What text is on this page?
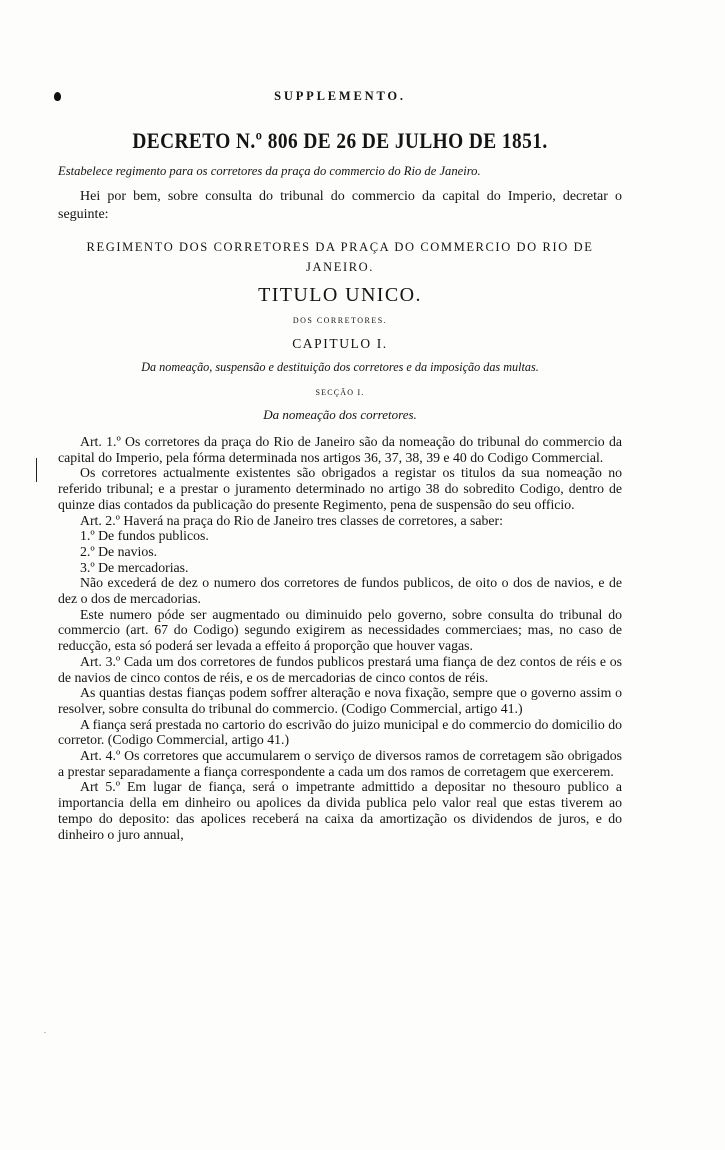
.
SUPPLEMENTO.
DECRETO N.º 806 DE 26 DE JULHO DE 1851.
Estabelece regimento para os corretores da praça do commercio do Rio de Janeiro.
Hei por bem, sobre consulta do tribunal do commercio da capital do Imperio, decretar o seguinte:
REGIMENTO DOS CORRETORES DA PRAÇA DO COMMERCIO DO RIO DE JANEIRO.
TITULO UNICO.
DOS CORRETORES.
CAPITULO I.
Da nomeação, suspensão e destituição dos corretores e da imposição das multas.
SECÇÃO I.
Da nomeação dos corretores.

Art. 1.º Os corretores da praça do Rio de Janeiro são da nomeação do tribunal do commercio da capital do Imperio, pela fórma determinada nos artigos 36, 37, 38, 39 e 40 do Codigo Commercial.

Os corretores actualmente existentes são obrigados a registar os titulos da sua nomeação no referido tribunal; e a prestar o juramento determinado no artigo 38 do sobredito Codigo, dentro de quinze dias contados da publicação do presente Regimento, pena de suspensão do seu officio.

Art. 2.º Haverá na praça do Rio de Janeiro tres classes de corretores, a saber:

1.º De fundos publicos.

2.º De navios.

3.º De mercadorias.

Não excederá de dez o numero dos corretores de fundos publicos, de oito o dos de navios, e de dez o dos de mercadorias.

Este numero póde ser augmentado ou diminuido pelo governo, sobre consulta do tribunal do commercio (art. 67 do Codigo) segundo exigirem as necessidades commerciaes; mas, no caso de reducção, esta só poderá ser levada a effeito á proporção que houver vagas.

Art. 3.º Cada um dos corretores de fundos publicos prestará uma fiança de dez contos de réis e os de navios de cinco contos de réis, e os de mercadorias de cinco contos de réis.

As quantias destas fianças podem soffrer alteração e nova fixação, sempre que o governo assim o resolver, sobre consulta do tribunal do commercio. (Codigo Commercial, artigo 41.)

A fiança será prestada no cartorio do escrivão do juizo municipal e do commercio do domicilio do corretor. (Codigo Commercial, artigo 41.)

Art. 4.º Os corretores que accumularem o serviço de diversos ramos de corretagem são obrigados a prestar separadamente a fiança correspondente a cada um dos ramos de corretagem que exercerem.

Art 5.º Em lugar de fiança, será o impetrante admittido a depositar no thesouro publico a importancia della em dinheiro ou apolices da divida publica pelo valor real que estas tiverem ao tempo do deposito: das apolices receberá na caixa da amortização os dividendos de juros, e do dinheiro o juro annual,
